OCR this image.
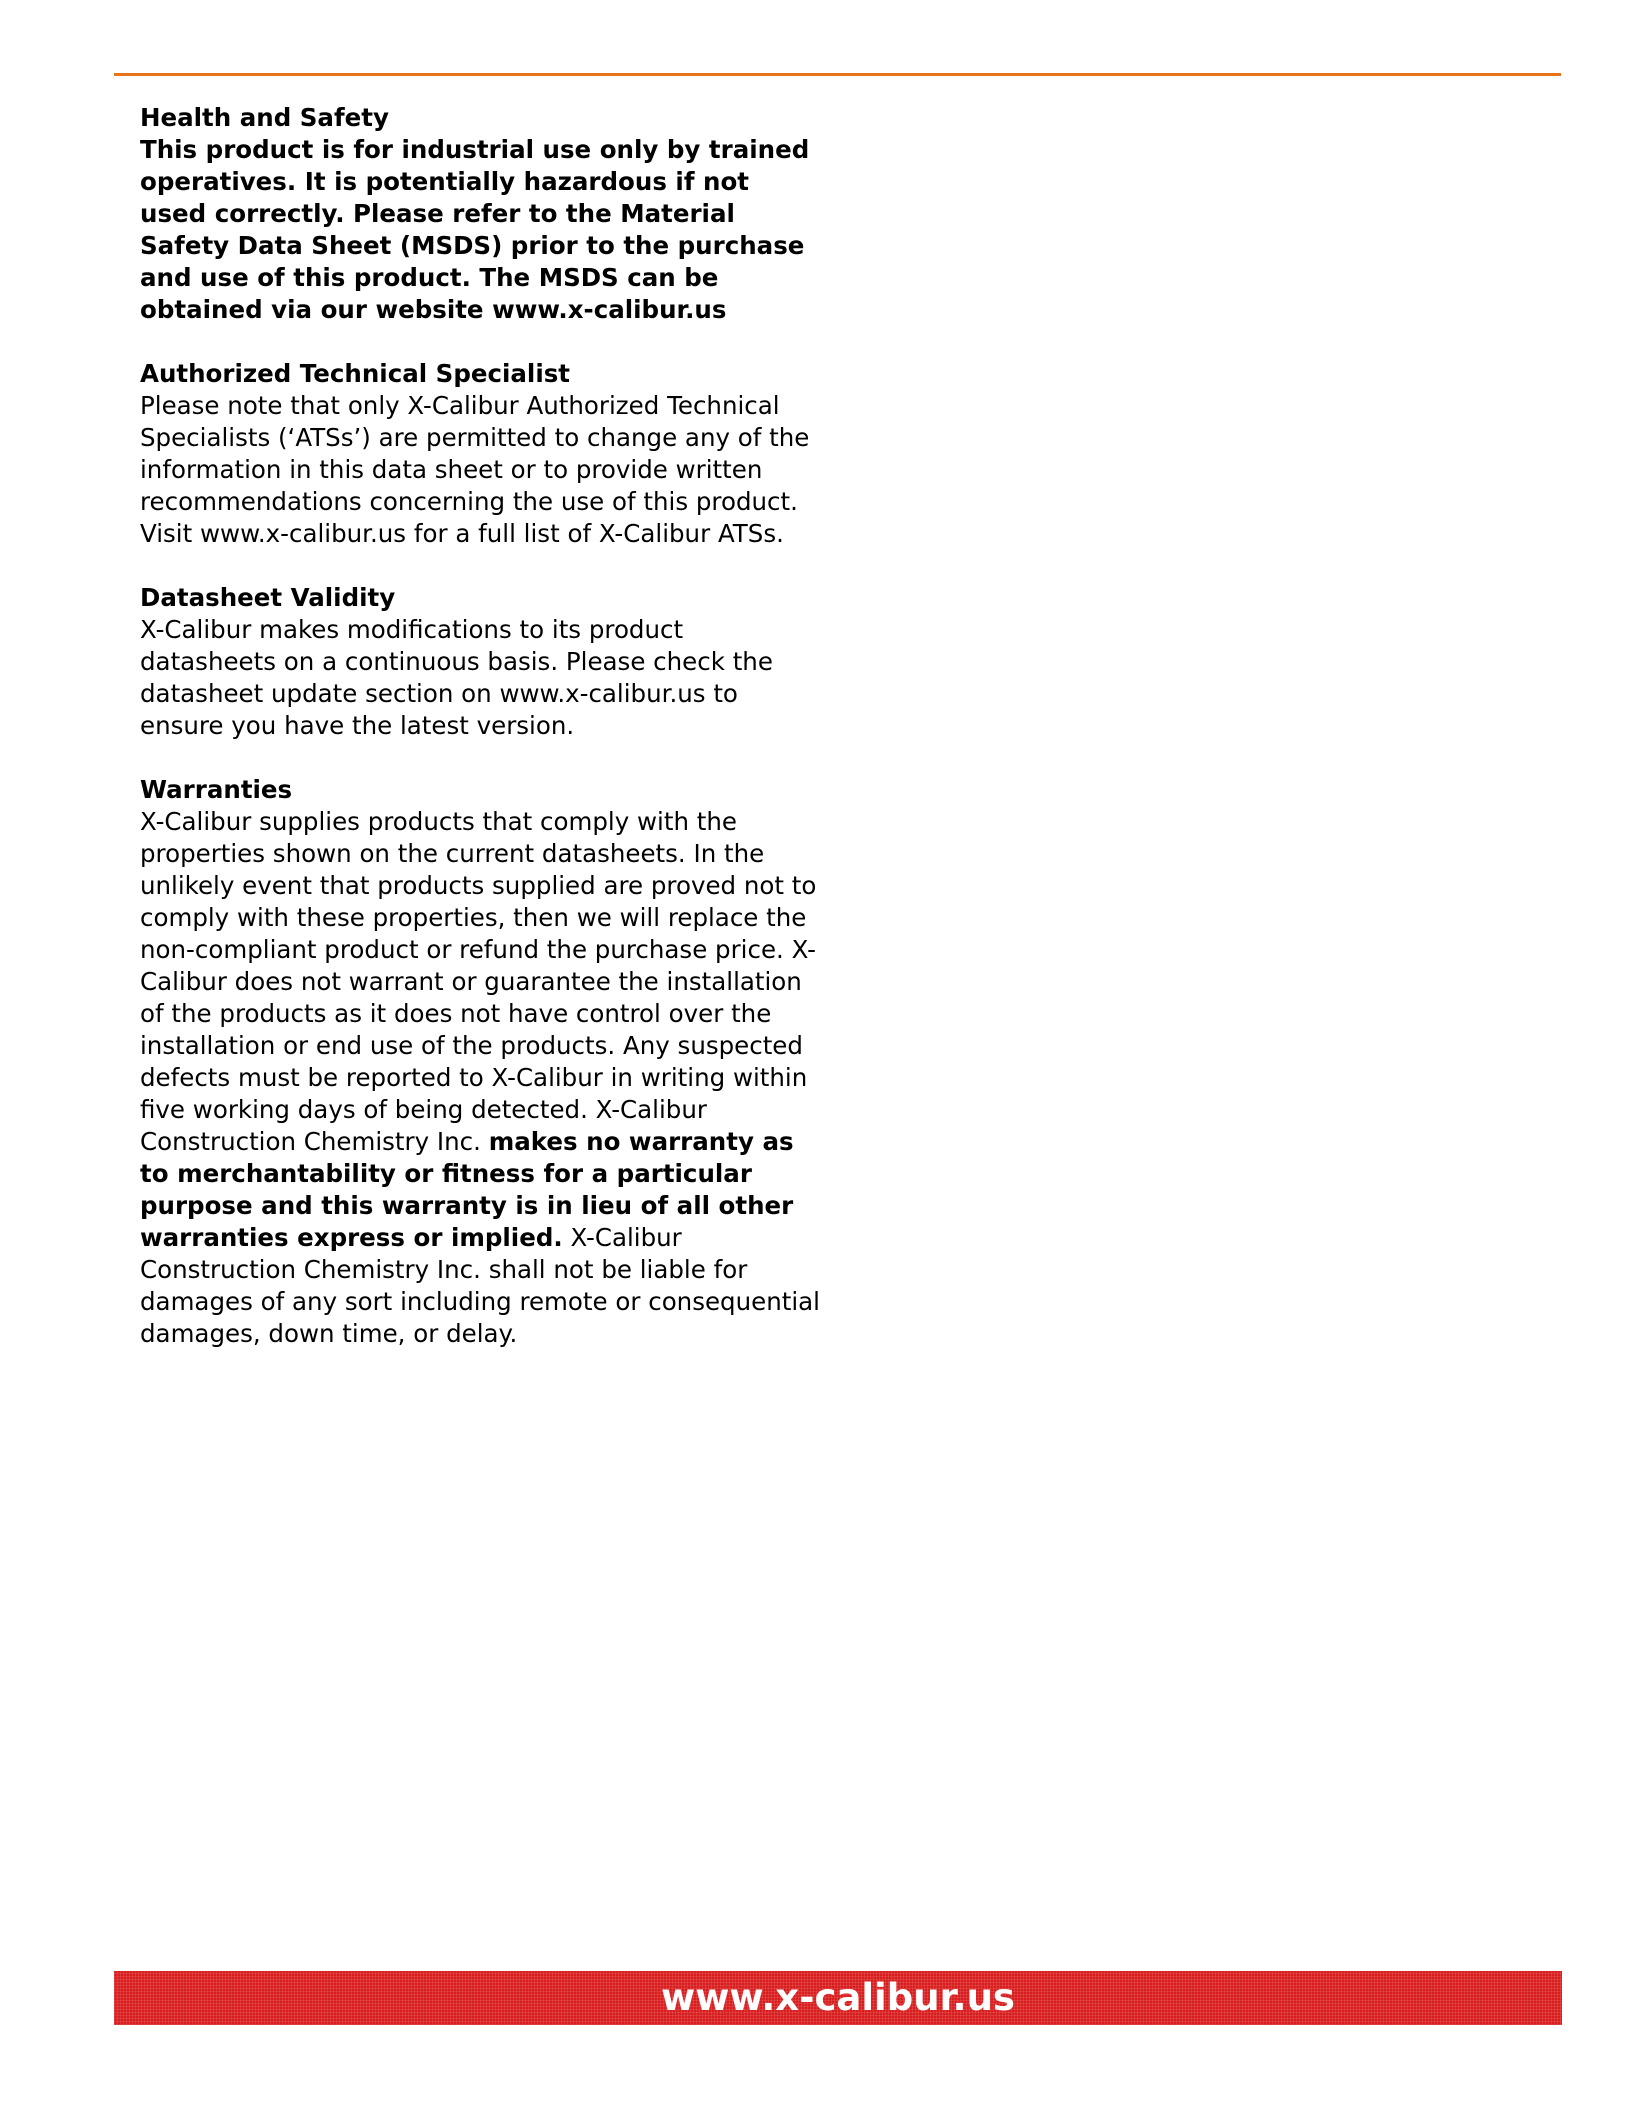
Health and Safety

This product is for industrial use only by trained operatives. It is potentially hazardous if not used correctly. Please refer to the Material Safety Data Sheet (MSDS) prior to the purchase and use of this product. The MSDS can be obtained via our website www.x-calibur.us

Authorized Technical Specialist

Please note that only X-Calibur Authorized Technical Specialists (‘ATSs’) are permitted to change any of the information in this data sheet or to provide written recommendations concerning the use of this product. Visit www.x-calibur.us for a full list of X-Calibur ATSs.

Datasheet Validity

X-Calibur makes modifications to its product datasheets on a continuous basis. Please check the datasheet update section on www.x-calibur.us to ensure you have the latest version.

Warranties

X-Calibur supplies products that comply with the properties shown on the current datasheets. In the unlikely event that products supplied are proved not to comply with these properties, then we will replace the non-compliant product or refund the purchase price. X-Calibur does not warrant or guarantee the installation of the products as it does not have control over the installation or end use of the products. Any suspected defects must be reported to X-Calibur in writing within five working days of being detected. X-Calibur Construction Chemistry Inc. makes no warranty as to merchantability or fitness for a particular purpose and this warranty is in lieu of all other warranties express or implied. X-Calibur Construction Chemistry Inc. shall not be liable for damages of any sort including remote or consequential damages, down time, or delay.

www.x-calibur.us
